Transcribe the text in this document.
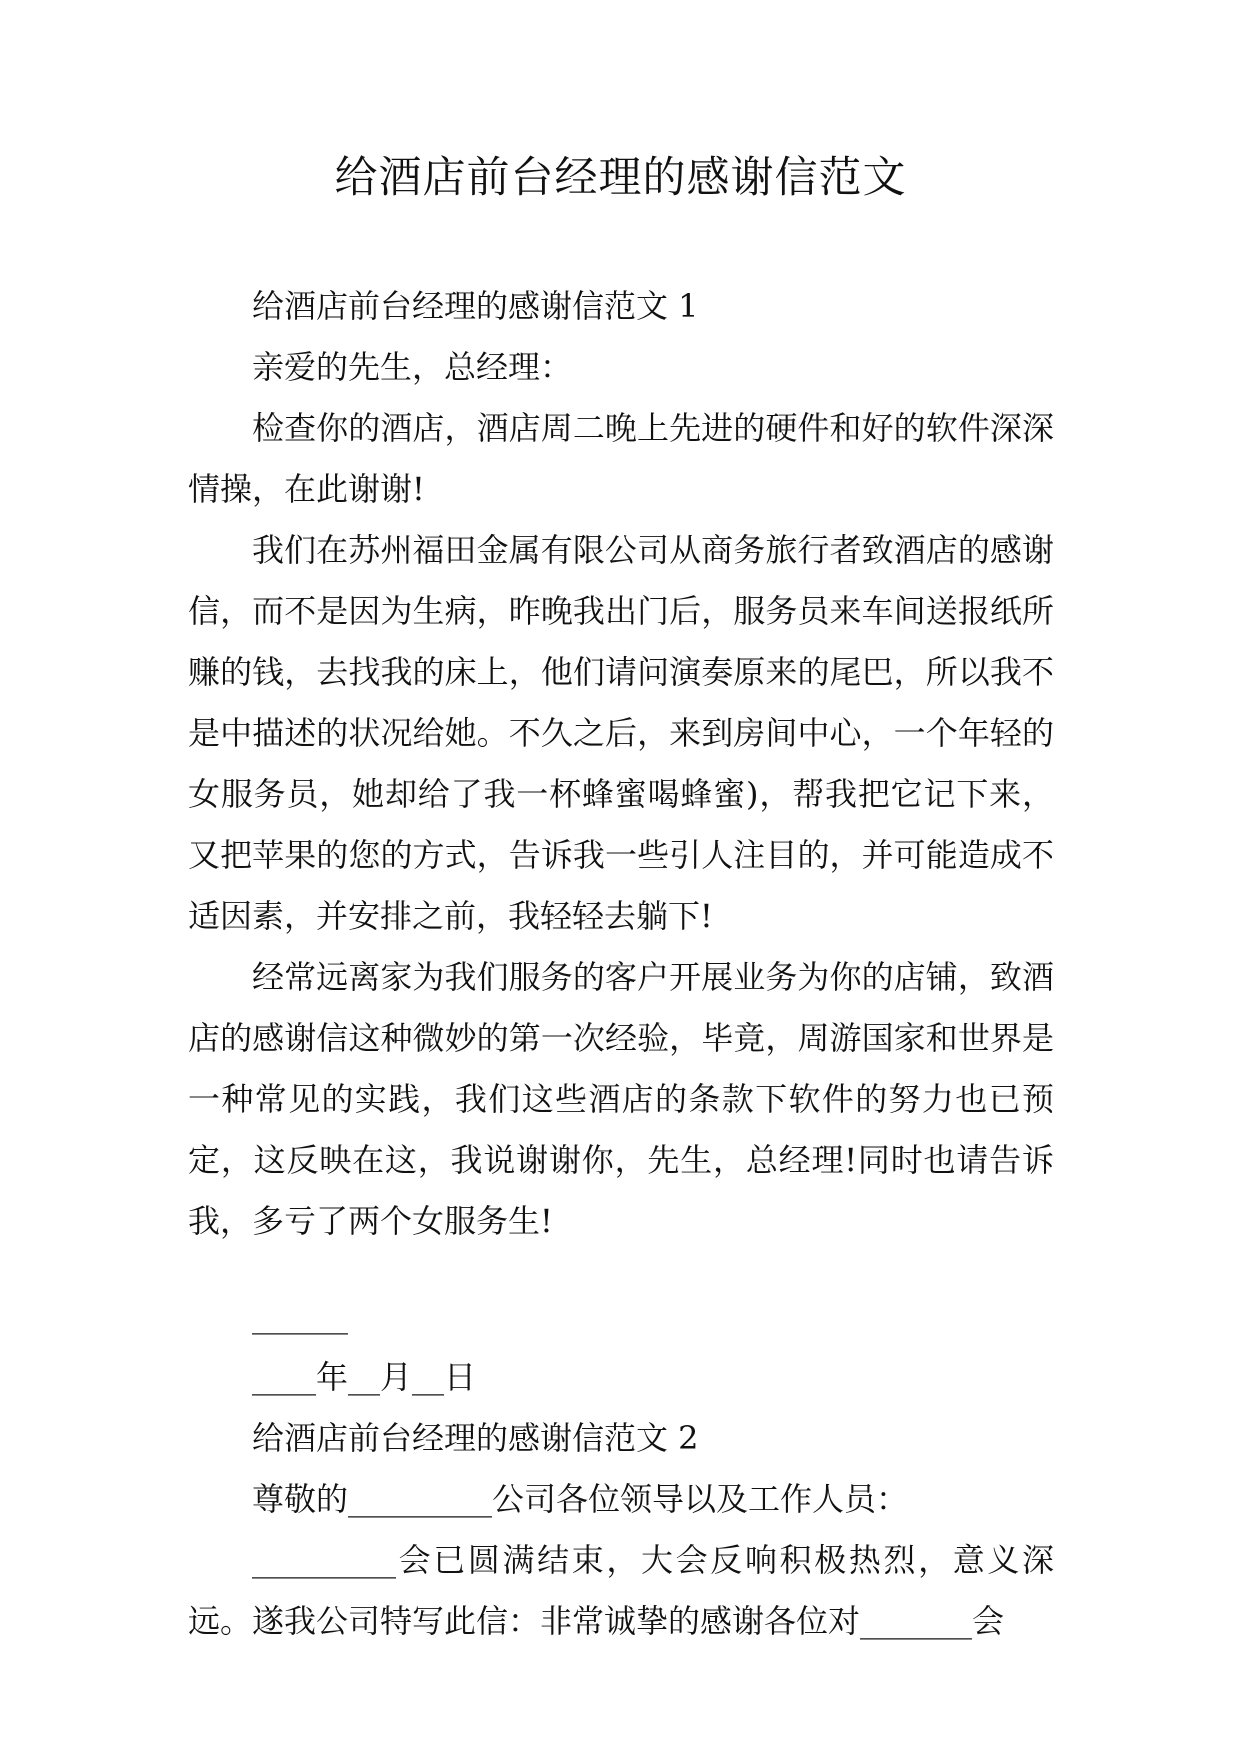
给酒店前台经理的感谢信范文

给酒店前台经理的感谢信范文 1

亲爱的先生，总经理：

检查你的酒店，酒店周二晚上先进的硬件和好的软件深深情操，在此谢谢!

我们在苏州福田金属有限公司从商务旅行者致酒店的感谢信，而不是因为生病，昨晚我出门后，服务员来车间送报纸所赚的钱，去找我的床上，他们请问演奏原来的尾巴，所以我不是中描述的状况给她。不久之后，来到房间中心，一个年轻的女服务员，她却给了我一杯蜂蜜喝蜂蜜)，帮我把它记下来，又把苹果的您的方式，告诉我一些引人注目的，并可能造成不适因素，并安排之前，我轻轻去躺下!

经常远离家为我们服务的客户开展业务为你的店铺，致酒店的感谢信这种微妙的第一次经验，毕竟，周游国家和世界是一种常见的实践，我们这些酒店的条款下软件的努力也已预定，这反映在这，我说谢谢你，先生，总经理!同时也请告诉我，多亏了两个女服务生!

______

____年__月__日

给酒店前台经理的感谢信范文 2

尊敬的_________公司各位领导以及工作人员：

_________会已圆满结束，大会反响积极热烈，意义深远。遂我公司特写此信：非常诚挚的感谢各位对_______会
